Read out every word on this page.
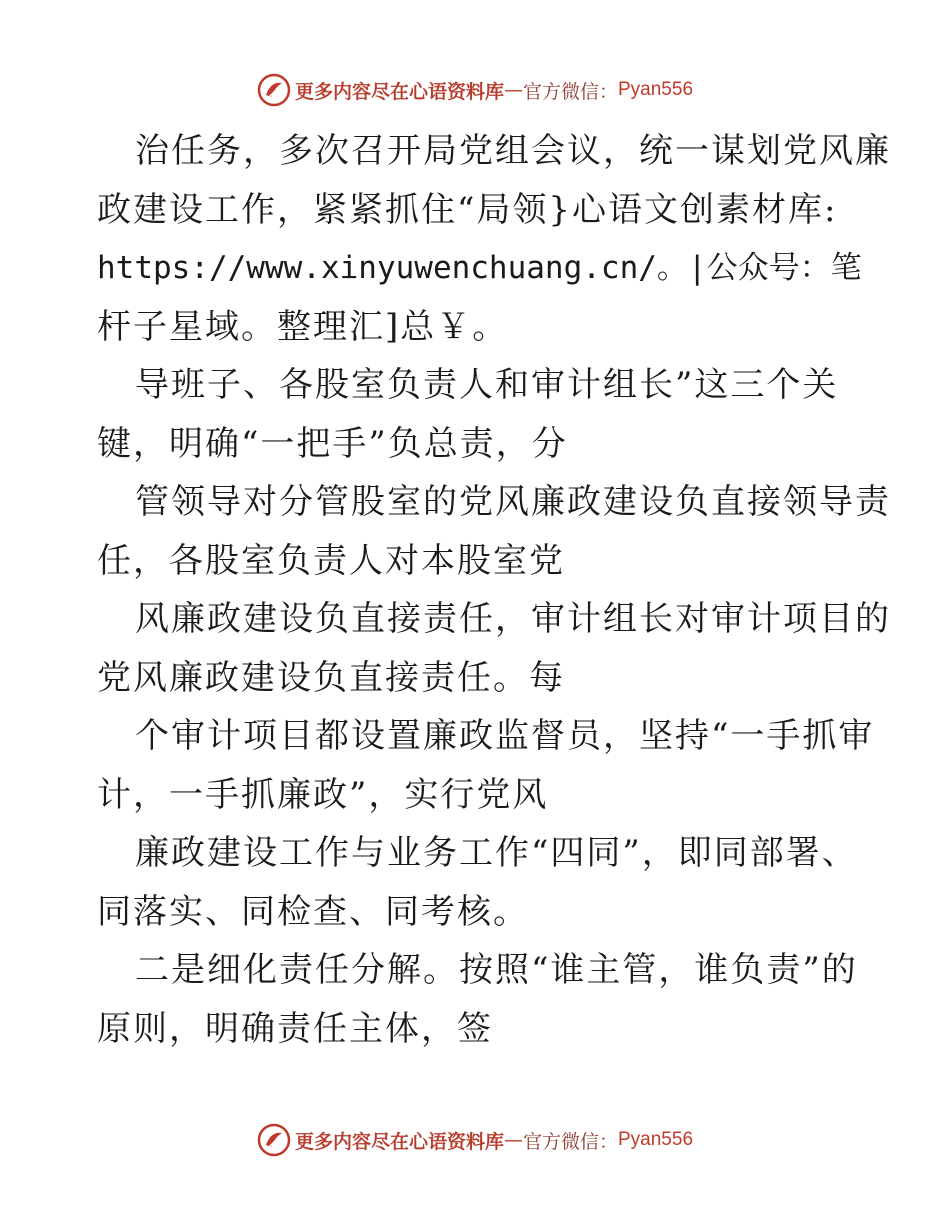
更多内容尽在心语资料库 — 官方微信： Pyan556
治任务，多次召开局党组会议，统一谋划党风廉
政建设工作，紧紧抓住“局领}心语文创素材库:
https://www.xinyuwenchuang.cn/。|公众号：笔
杆子星域。整理汇]总￥。
导班子、各股室负责人和审计组长”这三个关
键，明确“一把手”负总责，分
管领导对分管股室的党风廉政建设负直接领导责
任，各股室负责人对本股室党
风廉政建设负直接责任，审计组长对审计项目的
党风廉政建设负直接责任。每
个审计项目都设置廉政监督员，坚持“一手抓审
计，一手抓廉政”，实行党风
廉政建设工作与业务工作“四同”，即同部署、
同落实、同检查、同考核。
二是细化责任分解。按照“谁主管，谁负责”的
原则，明确责任主体，签
更多内容尽在心语资料库 — 官方微信： Pyan556
